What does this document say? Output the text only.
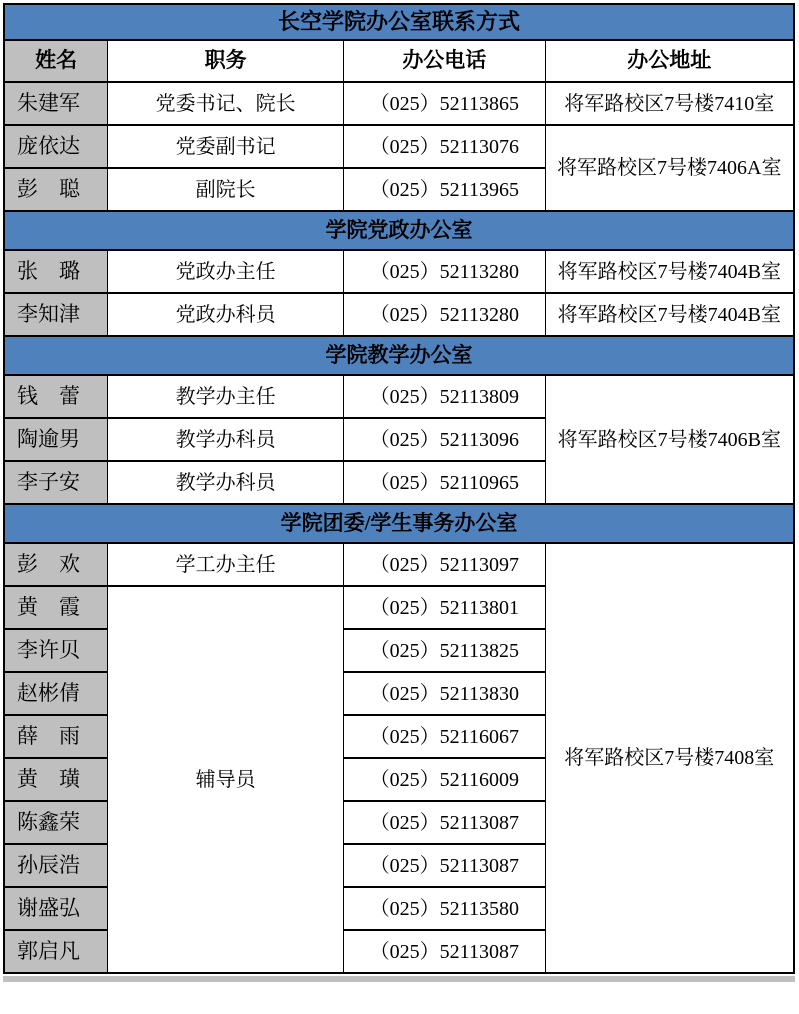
长空学院办公室联系方式			
姓名	职务	办公电话	办公地址
朱建军	党委书记、院长	（025）52113865	将军路校区7号楼7410室
庞依达	党委副书记	（025）52113076	将军路校区7号楼7406A室
彭　聪	副院长	（025）52113965	
学院党政办公室			
张　璐	党政办主任	（025）52113280	将军路校区7号楼7404B室
李知津	党政办科员	（025）52113280	将军路校区7号楼7404B室
学院教学办公室			
钱　蕾	教学办主任	（025）52113809	将军路校区7号楼7406B室
陶逾男	教学办科员	（025）52113096	
李子安	教学办科员	（025）52110965	
学院团委/学生事务办公室			
彭　欢	学工办主任	（025）52113097	将军路校区7号楼7408室
黄　霞	辅导员	（025）52113801	
李许贝		（025）52113825	
赵彬倩		（025）52113830	
薛　雨		（025）52116067	
黄　璜		（025）52116009	
陈鑫荣		（025）52113087	
孙辰浩		（025）52113087	
谢盛弘		（025）52113580	
郭启凡		（025）52113087	
